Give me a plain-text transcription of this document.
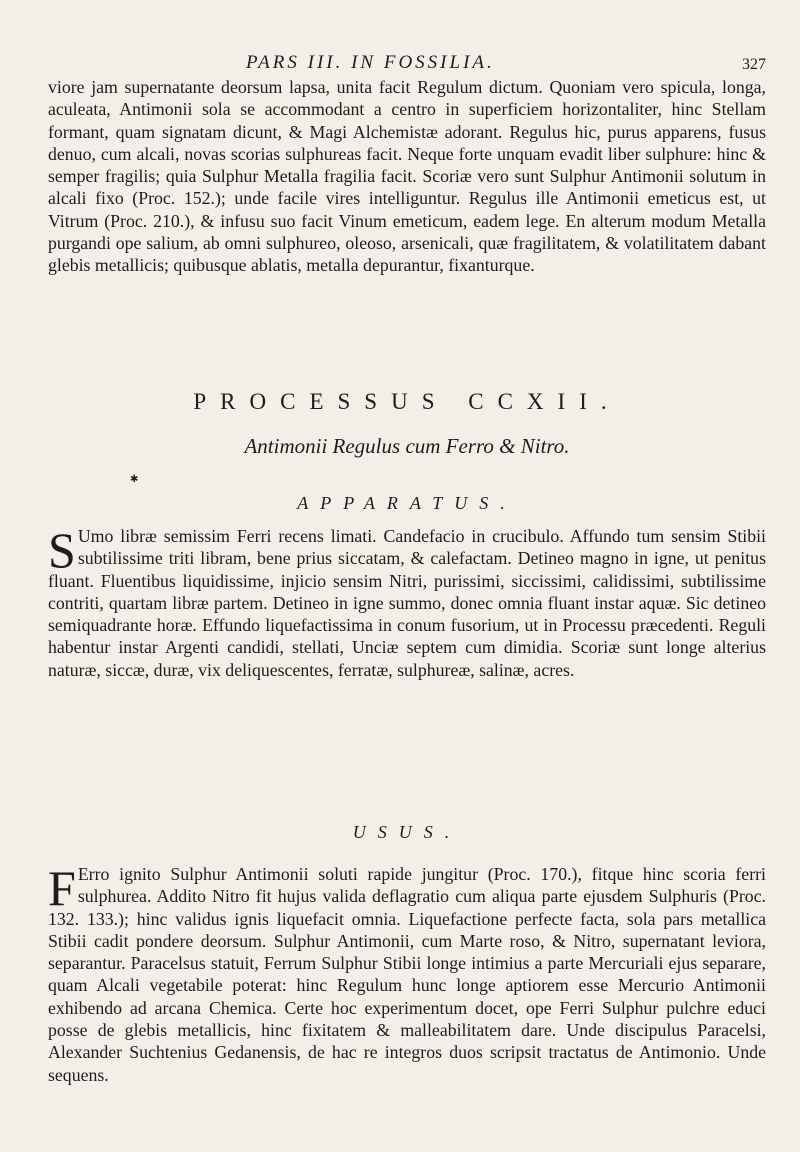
PARS III. IN FOSSILIA.	327

viore jam supernatante deorsum lapsa, unita facit Regulum dictum. Quoniam vero spicula, longa, aculeata, Antimonii sola se accommodant a centro in superficiem horizontaliter, hinc Stellam formant, quam signatam dicunt, & Magi Alchemistæ adorant. Regulus hic, purus apparens, fusus denuo, cum alcali, novas scorias sulphureas facit. Neque forte unquam evadit liber sulphure: hinc & semper fragilis; quia Sulphur Metalla fragilia facit. Scoriæ vero sunt Sulphur Antimonii solutum in alcali fixo (Proc. 152.); unde facile vires intelliguntur. Regulus ille Antimonii emeticus est, ut Vitrum (Proc. 210.), & infusu suo facit Vinum emeticum, eadem lege. En alterum modum Metalla purgandi ope salium, ab omni sulphureo, oleoso, arsenicali, quæ fragilitatem, & volatilitatem dabant glebis metallicis; quibusque ablatis, metalla depurantur, fixanturque.

PROCESSUS CCXII.
Antimonii Regulus cum Ferro & Nitro.
✱
APPARATUS.

S Umo libræ semissim Ferri recens limati. Candefacio in crucibulo. Affundo tum sensim Stibii subtilissime triti libram, bene prius siccatam, & calefactam. Detineo magno in igne, ut penitus fluant. Fluentibus liquidissime, injicio sensim Nitri, purissimi, siccissimi, calidissimi, subtilissime contriti, quartam libræ partem. Detineo in igne summo, donec omnia fluant instar aquæ. Sic detineo semiquadrante horæ. Effundo liquefactissima in conum fusorium, ut in Processu præcedenti. Reguli habentur instar Argenti candidi, stellati, Unciæ septem cum dimidia. Scoriæ sunt longe alterius naturæ, siccæ, duræ, vix deliquescentes, ferratæ, sulphureæ, salinæ, acres.

USUS.

F Erro ignito Sulphur Antimonii soluti rapide jungitur (Proc. 170.), fitque hinc scoria ferri sulphurea. Addito Nitro fit hujus valida deflagratio cum aliqua parte ejusdem Sulphuris (Proc. 132. 133.); hinc validus ignis liquefacit omnia. Liquefactione perfecte facta, sola pars metallica Stibii cadit pondere deorsum. Sulphur Antimonii, cum Marte roso, & Nitro, supernatant leviora, separantur. Paracelsus statuit, Ferrum Sulphur Stibii longe intimius a parte Mercuriali ejus separare, quam Alcali vegetabile poterat: hinc Regulum hunc longe aptiorem esse Mercurio Antimonii exhibendo ad arcana Chemica. Certe hoc experimentum docet, ope Ferri Sulphur pulchre educi posse de glebis metallicis, hinc fixitatem & malleabilitatem dare. Unde discipulus Paracelsi, Alexander Suchtenius Gedanensis, de hac re integros duos scripsit tractatus de Antimonio. Unde sequens.
